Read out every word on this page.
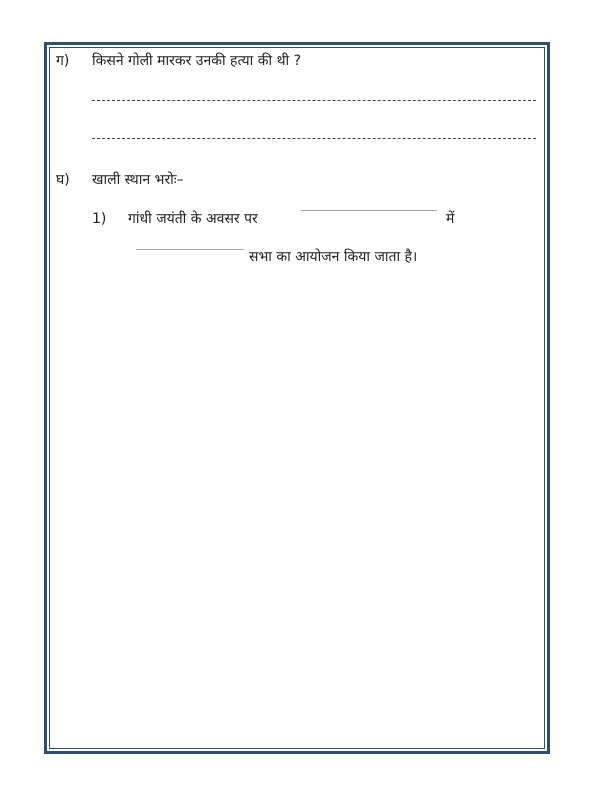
ग) किसने गोली मारकर उनकी हत्या की थी ?
घ) खाली स्थान भरोः–
1) गांधी जयंती के अवसर पर	में
सभा का आयोजन किया जाता है।
